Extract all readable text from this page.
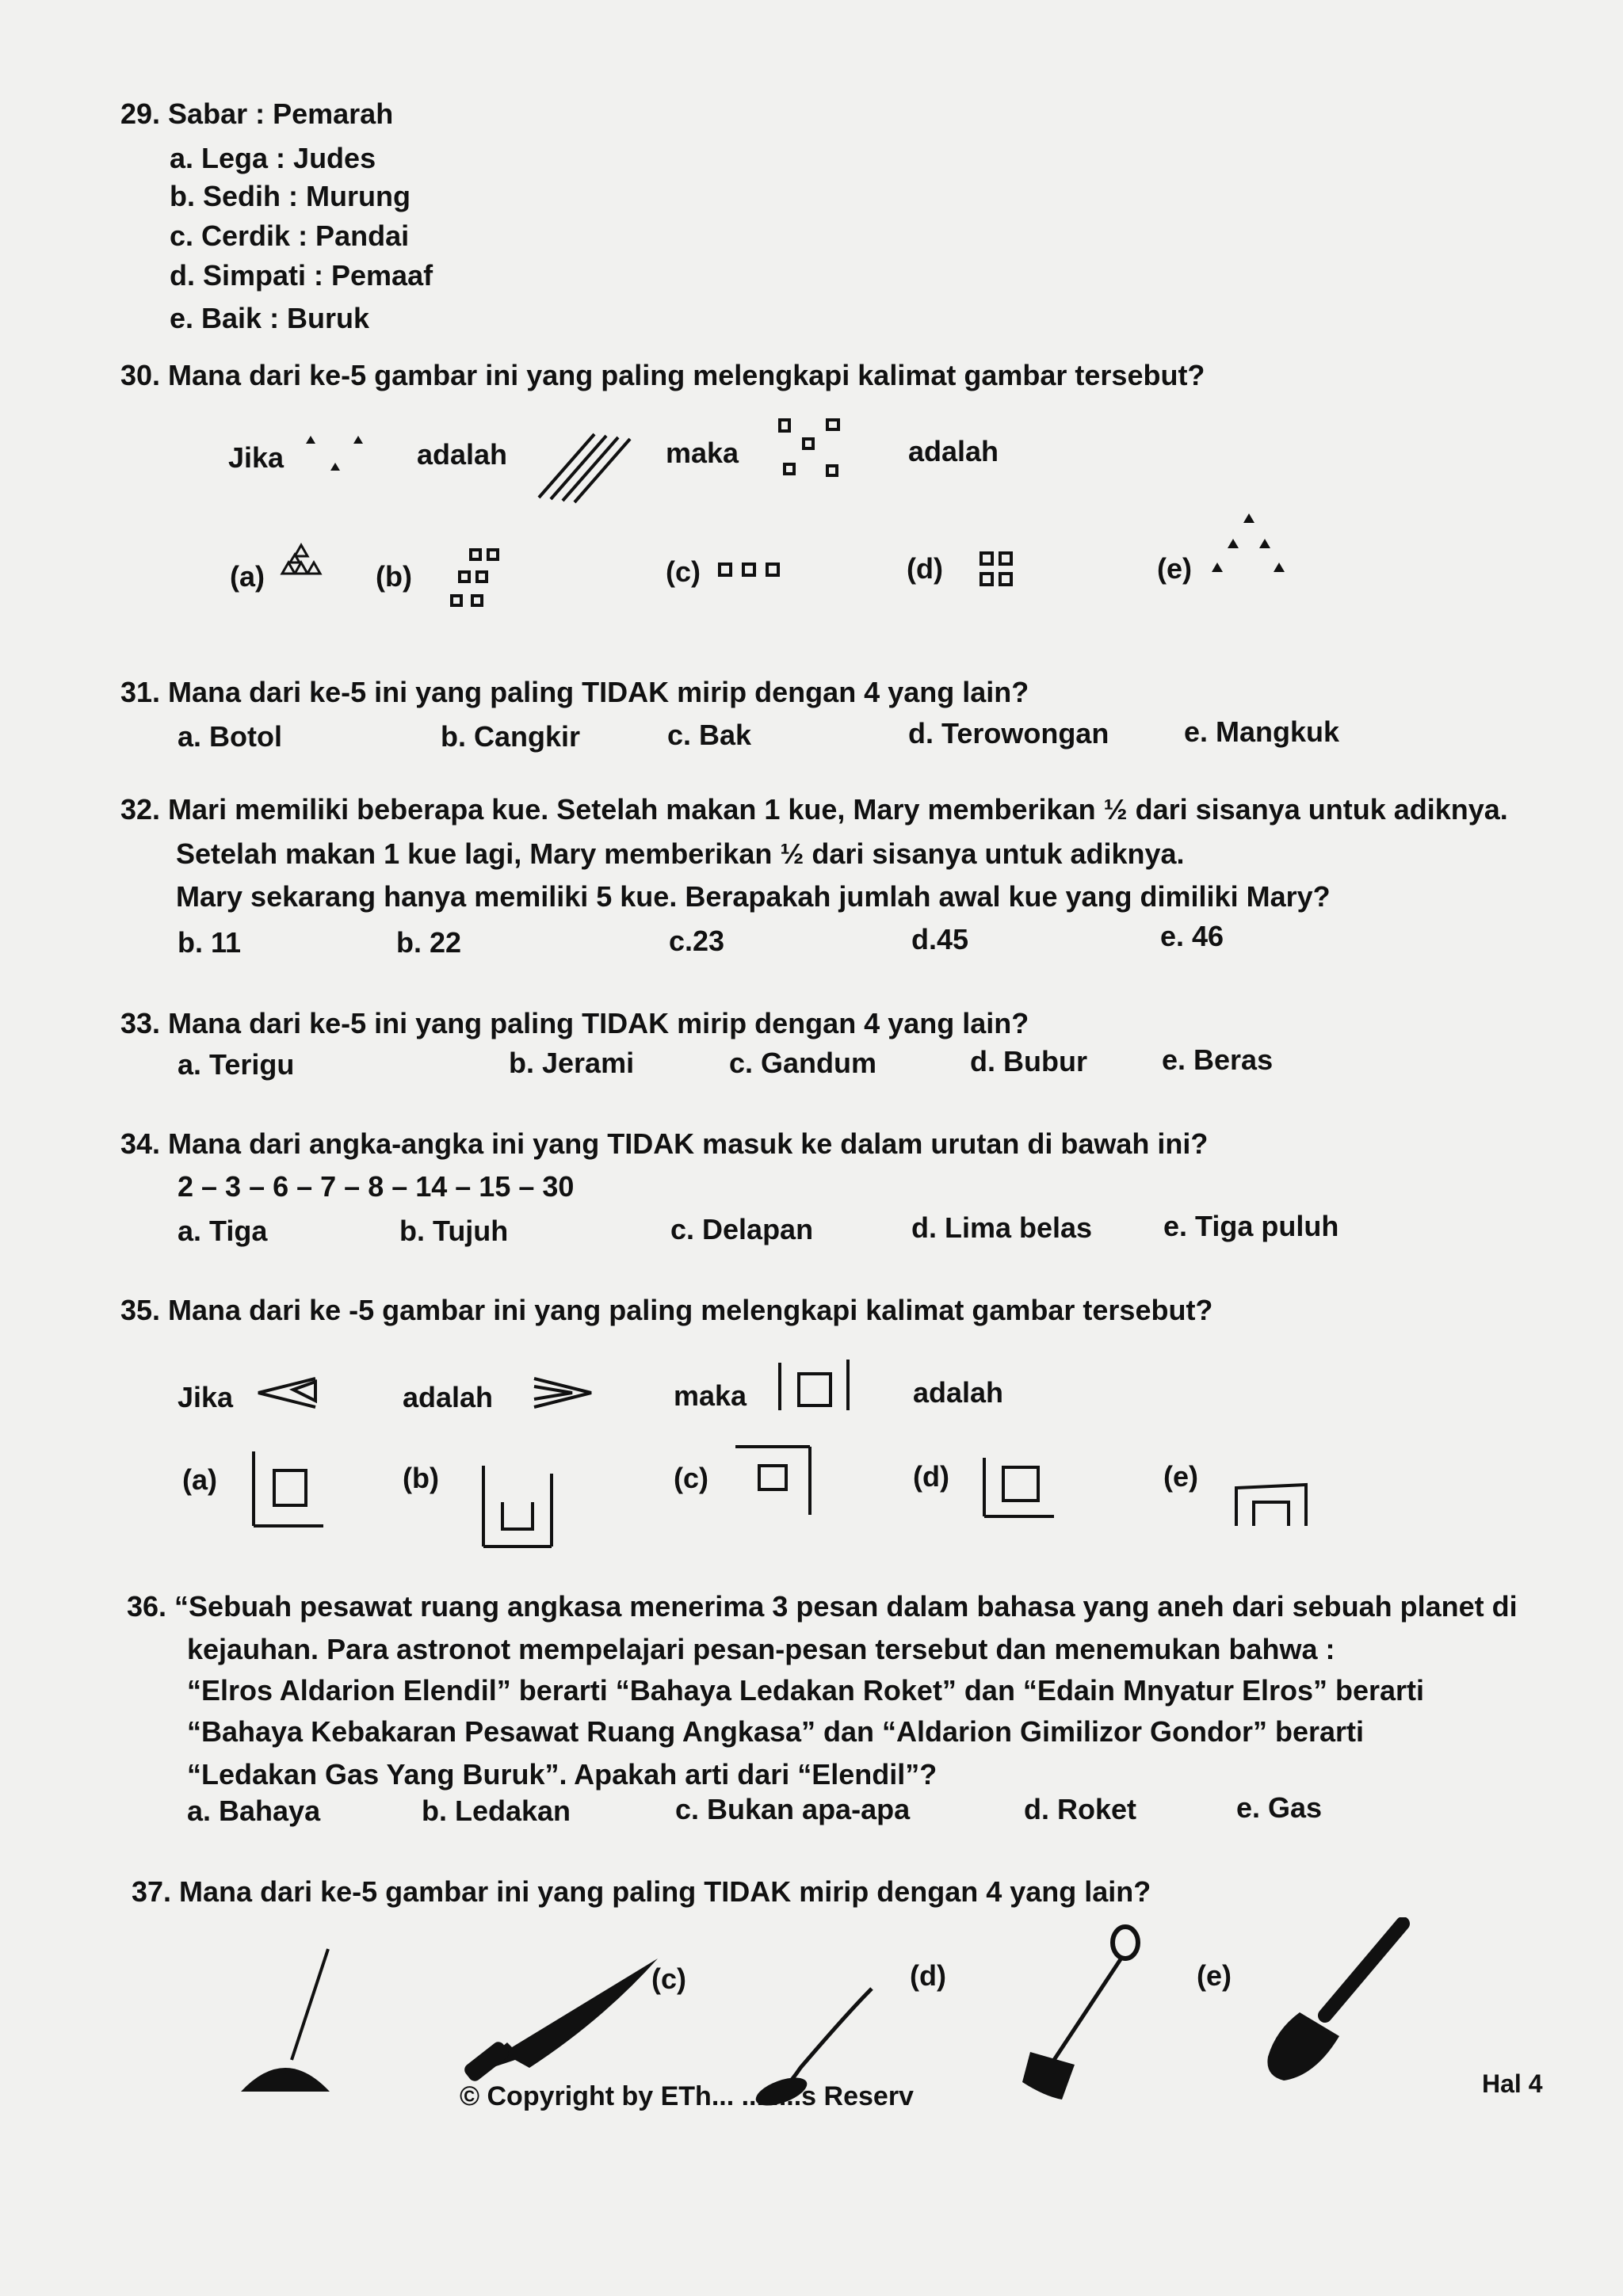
29. Sabar : Pemarah
a. Lega : Judes
b. Sedih : Murung
c. Cerdik : Pandai
d. Simpati : Pemaaf
e. Baik : Buruk
30. Mana dari ke-5 gambar ini yang paling melengkapi kalimat gambar tersebut?
Jika	adalah	maka	adalah
(a)	(b)	(c)	(d)	(e)
31. Mana dari ke-5 ini yang paling TIDAK mirip dengan 4 yang lain?
a. Botol	b. Cangkir	c. Bak	d. Terowongan	e. Mangkuk
32. Mari memiliki beberapa kue. Setelah makan 1 kue, Mary memberikan ½ dari sisanya untuk adiknya.
Setelah makan 1 kue lagi, Mary memberikan ½ dari sisanya untuk adiknya.
Mary sekarang hanya memiliki 5 kue. Berapakah jumlah awal kue yang dimiliki Mary?
b. 11	b. 22	c.23	d.45	e. 46
33. Mana dari ke-5 ini yang paling TIDAK mirip dengan 4 yang lain?
a. Terigu	b. Jerami	c. Gandum	d. Bubur	e. Beras
34. Mana dari angka-angka ini yang TIDAK masuk ke dalam urutan di bawah ini?
2 – 3 – 6 – 7 – 8 – 14 – 15 – 30
a. Tiga	b. Tujuh	c. Delapan	d. Lima belas e. Tiga puluh
35. Mana dari ke -5 gambar ini yang paling melengkapi kalimat gambar tersebut?
Jika	adalah	maka	adalah
(a)	(b)	(c)	(d)	(e)
36. “Sebuah pesawat ruang angkasa menerima 3 pesan dalam bahasa yang aneh dari sebuah planet di
kejauhan. Para astronot mempelajari pesan-pesan tersebut dan menemukan bahwa :
“Elros Aldarion Elendil” berarti “Bahaya Ledakan Roket” dan “Edain Mnyatur Elros” berarti
“Bahaya Kebakaran Pesawat Ruang Angkasa” dan “Aldarion Gimilizor Gondor” berarti
“Ledakan Gas Yang Buruk”. Apakah arti dari “Elendil”?
a. Bahaya	b. Ledakan	c. Bukan apa-apa	d. Roket	e. Gas
37. Mana dari ke-5 gambar ini yang paling TIDAK mirip dengan 4 yang lain?
(c)	(d)	(e)
© Copyright by ETh... ........s Reserv	Hal 4
